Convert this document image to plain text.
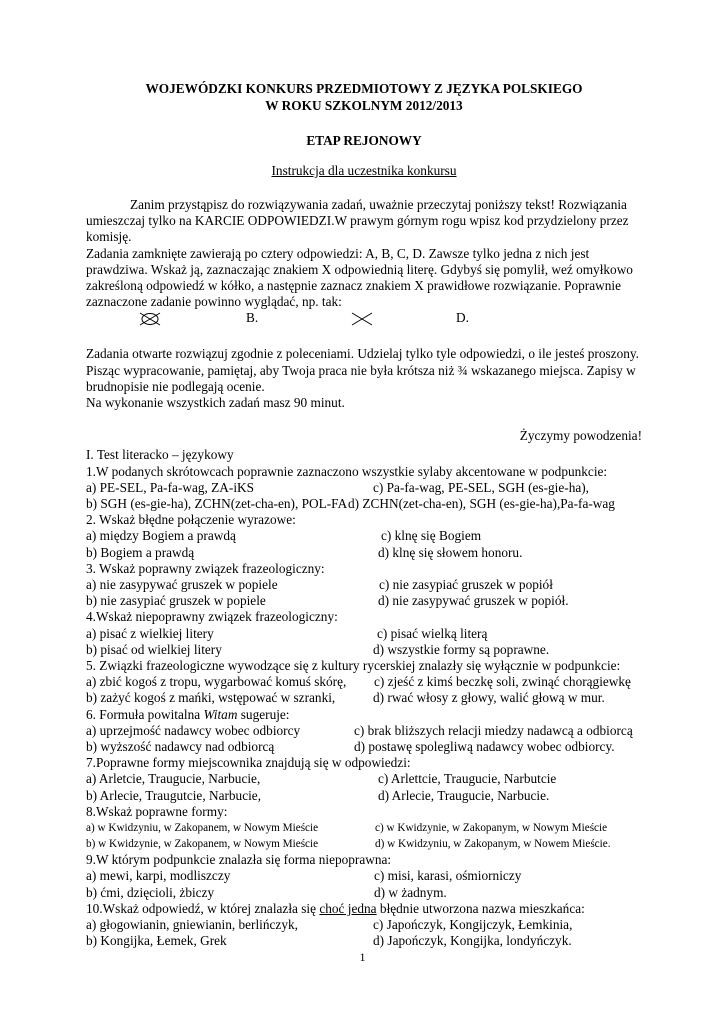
WOJEWÓDZKI KONKURS PRZEDMIOTOWY Z JĘZYKA POLSKIEGO
W ROKU SZKOLNYM 2012/2013
ETAP REJONOWY
Instrukcja dla uczestnika konkursu

Zanim przystąpisz do rozwiązywania zadań, uważnie przeczytaj poniższy tekst! Rozwiązania umieszczaj tylko na KARCIE ODPOWIEDZI.W prawym górnym rogu wpisz kod przydzielony przez komisję.

Zadania zamknięte zawierają po cztery odpowiedzi: A, B, C, D. Zawsze tylko jedna z nich jest prawdziwa. Wskaż ją, zaznaczając znakiem X odpowiednią literę. Gdybyś się pomylił, weź omyłkowo zakreśloną odpowiedź w kółko, a następnie zaznacz znakiem X prawidłowe rozwiązanie. Poprawnie zaznaczone zadanie powinno wyglądać, np. tak:

B.	D.

Zadania otwarte rozwiązuj zgodnie z poleceniami. Udzielaj tylko tyle odpowiedzi, o ile jesteś proszony.

Pisząc wypracowanie, pamiętaj, aby Twoja praca nie była krótsza niż ¾ wskazanego miejsca. Zapisy w brudnopisie nie podlegają ocenie.

Na wykonanie wszystkich zadań masz 90 minut.

Życzymy powodzenia!

I. Test literacko – językowy

1.W podanych skrótowcach poprawnie zaznaczono wszystkie sylaby akcentowane w podpunkcie:

a) PE-SEL, Pa-fa-wag, ZA-iKS	c) Pa-fa-wag, PE-SEL, SGH (es-gie-ha),
b) SGH (es-gie-ha), ZCHN(zet-cha-en), POL-FA d) ZCHN(zet-cha-en), SGH (es-gie-ha),Pa-fa-wag

2. Wskaż błędne połączenie wyrazowe:

a) między Bogiem a prawdą	c) klnę się Bogiem
b) Bogiem a prawdą	d) klnę się słowem honoru.

3. Wskaż poprawny związek frazeologiczny:

a) nie zasypywać gruszek w popiele	c) nie zasypiać gruszek w popiół
b) nie zasypiać gruszek w popiele	d) nie zasypywać gruszek w popiół.

4.Wskaż niepoprawny związek frazeologiczny:

a) pisać z wielkiej litery	c) pisać wielką literą
b) pisać od wielkiej litery	d) wszystkie formy są poprawne.

5. Związki frazeologiczne wywodzące się z kultury rycerskiej znalazły się wyłącznie w podpunkcie:

a) zbić kogoś z tropu, wygarbować komuś skórę, c) zjeść z kimś beczkę soli, zwinąć chorągiewkę
b) zażyć kogoś z mańki, wstępować w szranki,	d) rwać włosy z głowy, walić głową w mur.

6. Formuła powitalna Witam sugeruje:

a) uprzejmość nadawcy wobec odbiorcy	c) brak bliższych relacji miedzy nadawcą a odbiorcą
b) wyższość nadawcy nad odbiorcą	d) postawę spolegliwą nadawcy wobec odbiorcy.

7.Poprawne formy miejscownika znajdują się w odpowiedzi:

a) Arletcie, Traugucie, Narbucie,	c) Arlettcie, Traugucie, Narbutcie
b) Arlecie, Traugutcie, Narbucie,	d) Arlecie, Traugucie, Narbucie.

8.Wskaż poprawne formy:

a) w Kwidzyniu, w Zakopanem, w Nowym Mieście	c) w Kwidzynie, w Zakopanym, w Nowym Mieście
b) w Kwidzynie, w Zakopanem, w Nowym Mieście	d) w Kwidzyniu, w Zakopanym, w Nowem Mieście.

9.W którym podpunkcie znalazła się forma niepoprawna:

a) mewi, karpi, modliszczy	c) misi, karasi, ośmiorniczy
b) ćmi, dzięcioli, żbiczy	d) w żadnym.

10.Wskaż odpowiedź, w której znalazła się choć jedna błędnie utworzona nazwa mieszkańca:

a) głogowianin, gniewianin, berlińczyk,	c) Japończyk, Kongijczyk, Łemkinia,
b) Kongijka, Łemek, Grek	d) Japończyk, Kongijka, londyńczyk.
1
